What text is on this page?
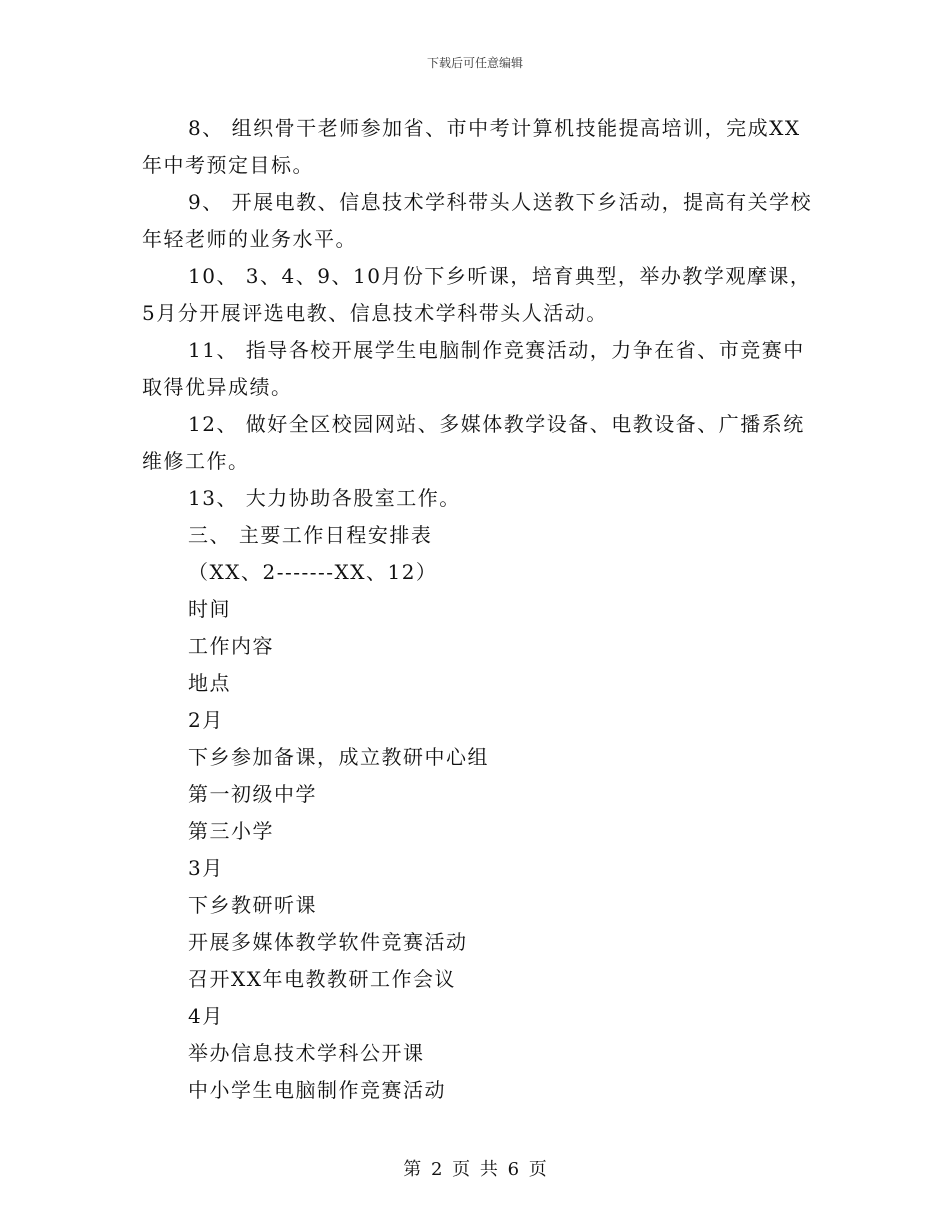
下载后可任意编辑

8、 组织骨干老师参加省、市中考计算机技能提高培训，完成XX年中考预定目标。

9、 开展电教、信息技术学科带头人送教下乡活动，提高有关学校年轻老师的业务水平。

10、 3、4、9、10月份下乡听课，培育典型，举办教学观摩课，5月分开展评选电教、信息技术学科带头人活动。

11、 指导各校开展学生电脑制作竞赛活动，力争在省、市竞赛中取得优异成绩。

12、 做好全区校园网站、多媒体教学设备、电教设备、广播系统维修工作。

13、 大力协助各股室工作。

三、 主要工作日程安排表

（XX、2-------XX、12）

时间

工作内容

地点

2月

下乡参加备课，成立教研中心组

第一初级中学

第三小学

3月

下乡教研听课

开展多媒体教学软件竞赛活动

召开XX年电教教研工作会议

4月

举办信息技术学科公开课

中小学生电脑制作竞赛活动

第 2 页 共 6 页
